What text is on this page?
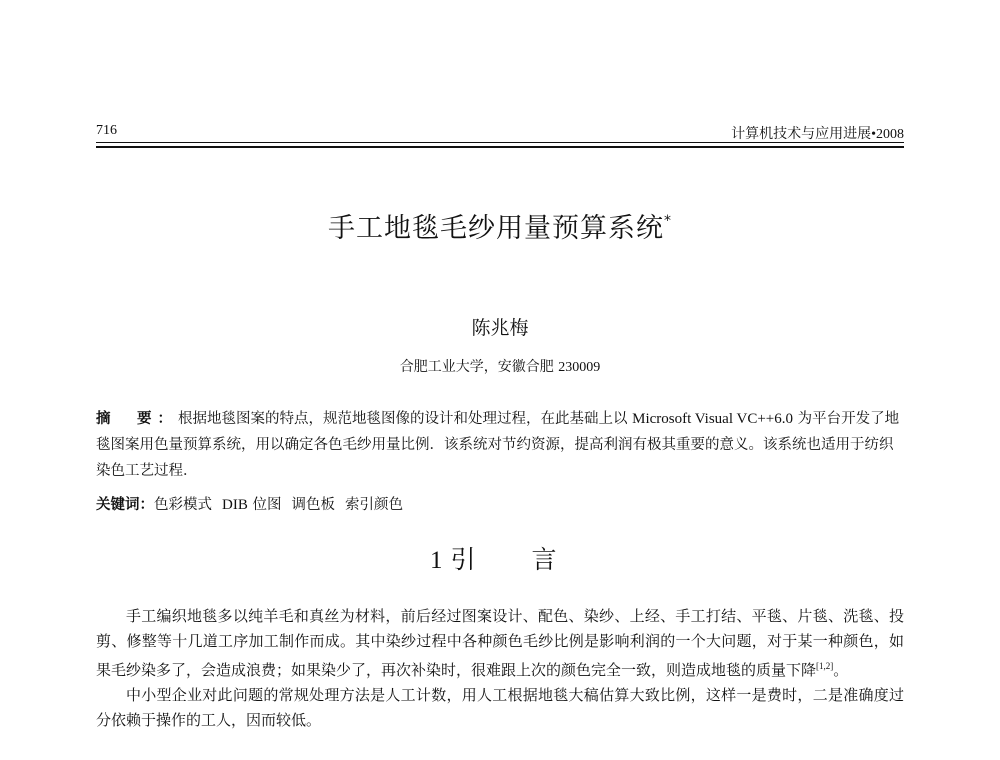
716	计算机技术与应用进展•2008
手工地毯毛纱用量预算系统*
陈兆梅
合肥工业大学，安徽合肥 230009
摘　要：根据地毯图案的特点，规范地毯图像的设计和处理过程，在此基础上以 Microsoft Visual VC++6.0 为平台开发了地毯图案用色量预算系统，用以确定各色毛纱用量比例．该系统对节约资源，提高利润有极其重要的意义。该系统也适用于纺织染色工艺过程．
关键词：色彩模式 DIB 位图 调色板 索引颜色
1 引 言

手工编织地毯多以纯羊毛和真丝为材料，前后经过图案设计、配色、染纱、上经、手工打结、平毯、片毯、洗毯、投剪、修整等十几道工序加工制作而成。其中染纱过程中各种颜色毛纱比例是影响利润的一个大问题，对于某一种颜色，如果毛纱染多了，会造成浪费；如果染少了，再次补染时，很难跟上次的颜色完全一致，则造成地毯的质量下降[1,2]。

中小型企业对此问题的常规处理方法是人工计数，用人工根据地毯大稿估算大致比例，这样一是费时，二是准确度过分依赖于操作的工人，因而较低。
